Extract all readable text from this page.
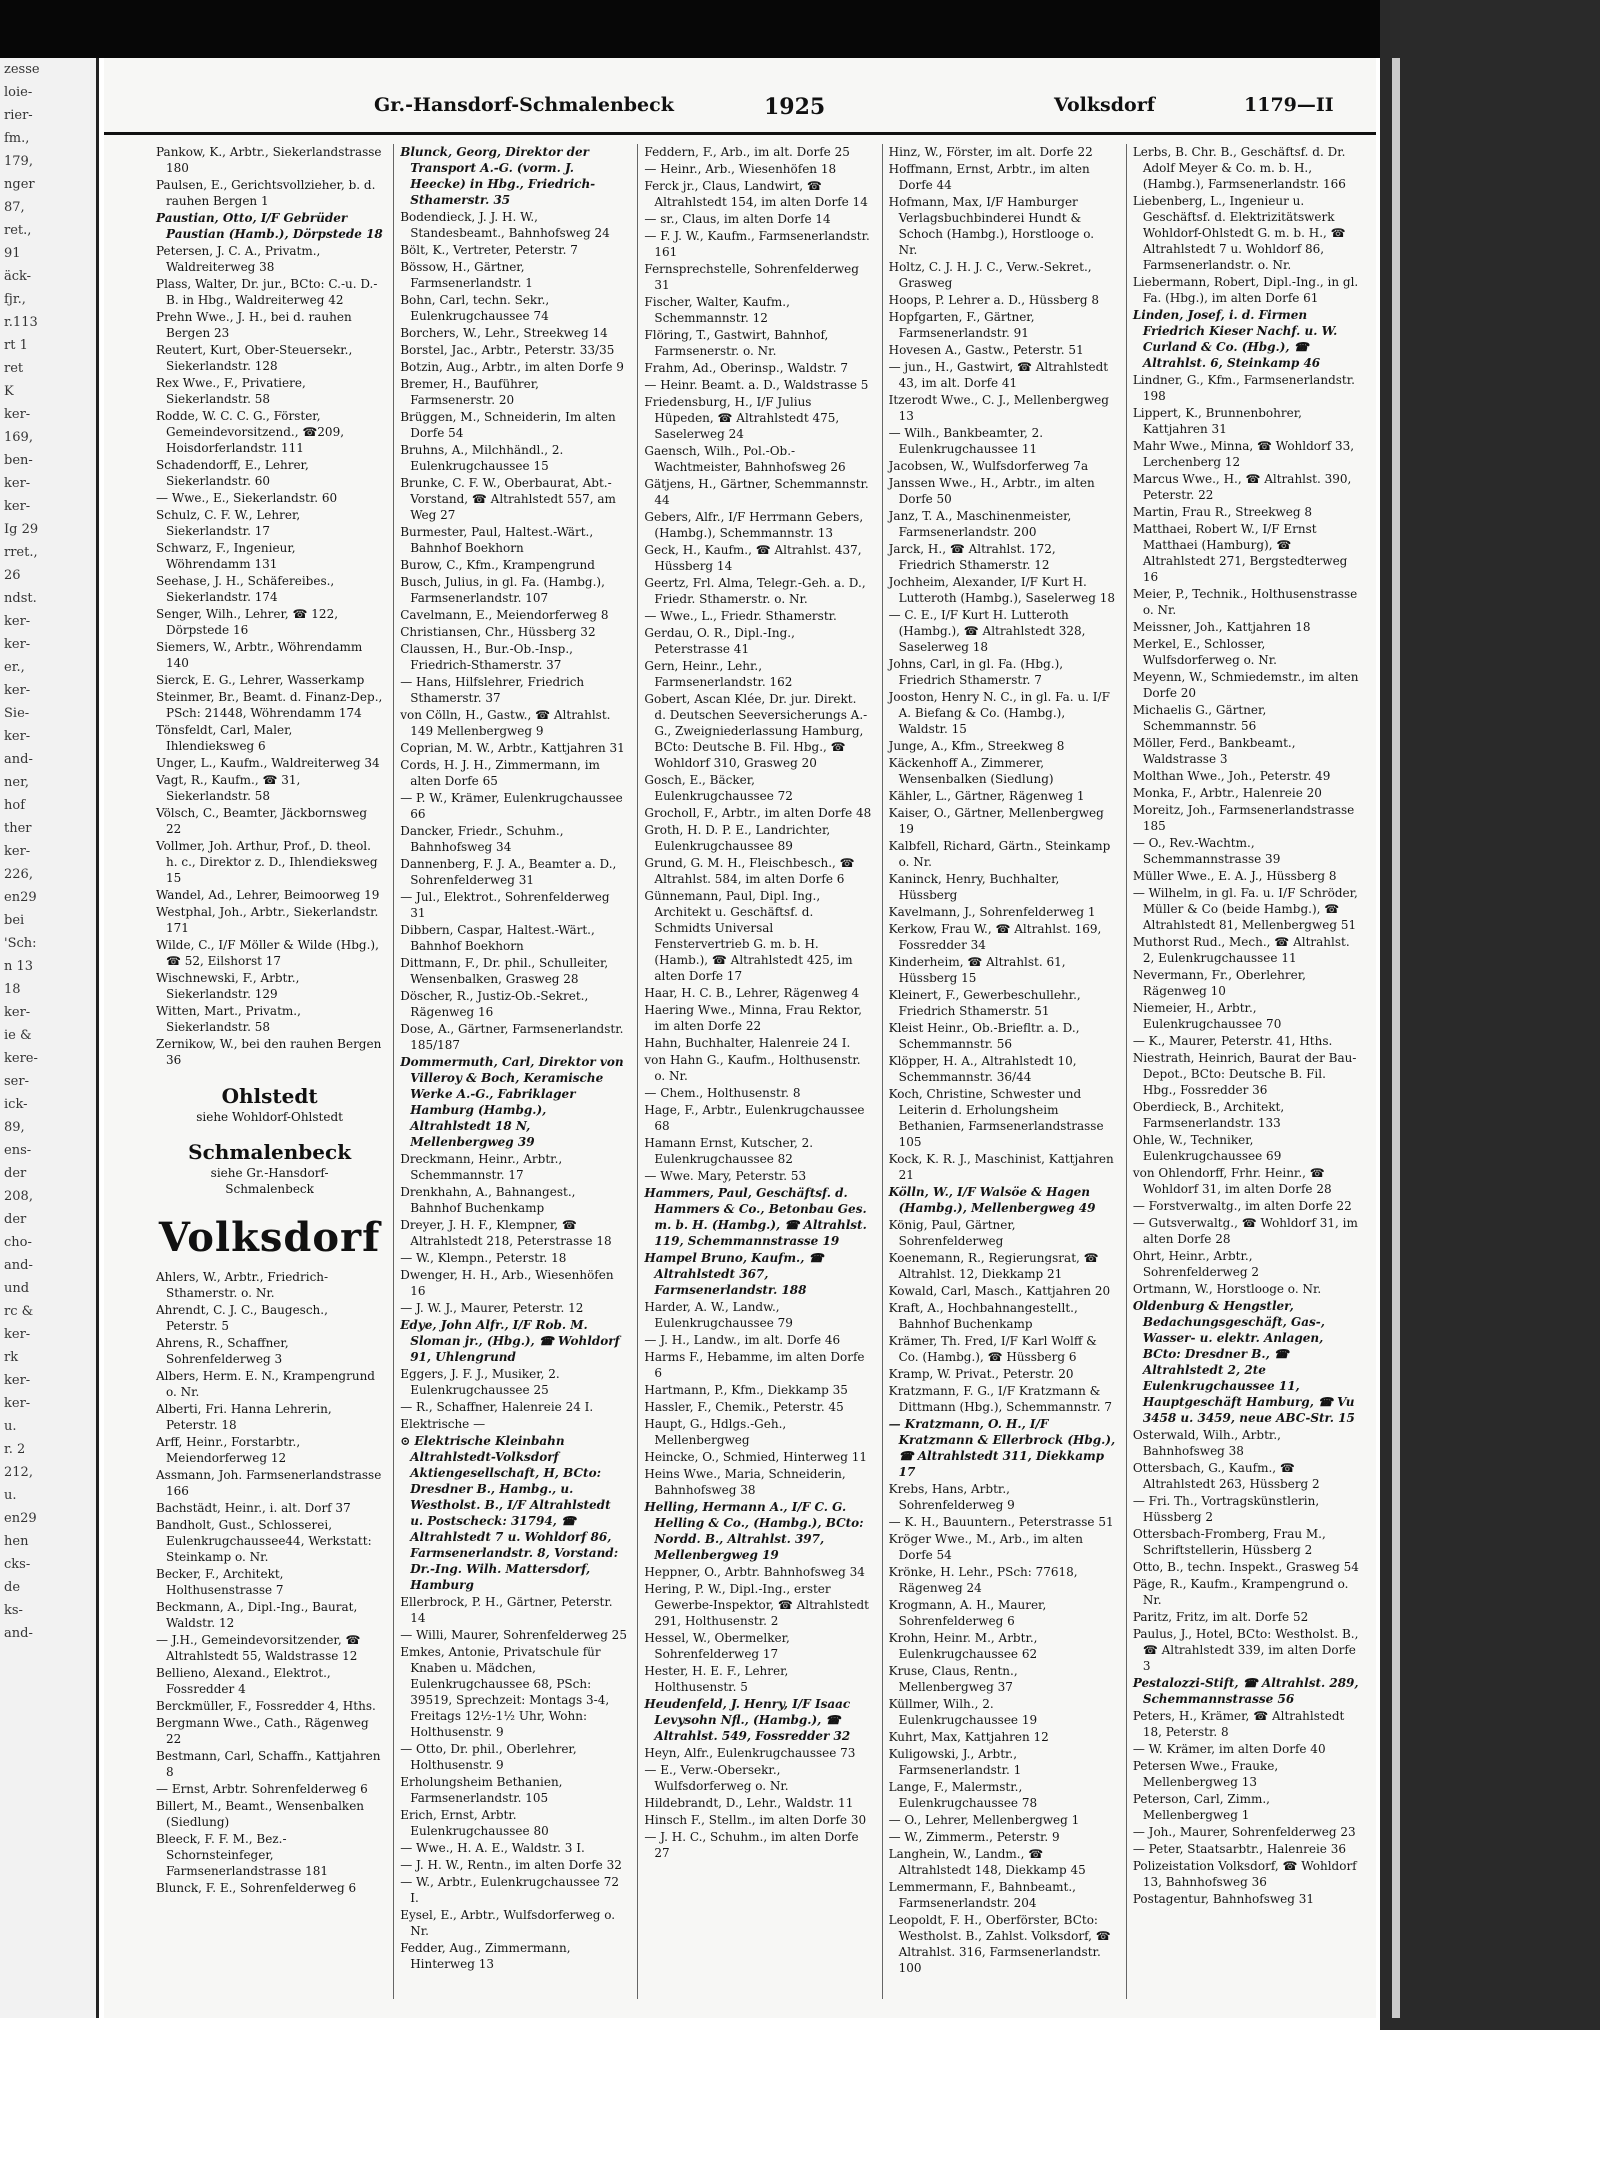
zesse
loie-
rier-
fm.,
179,
nger
87,
ret.,
91
äck-
fjr.,
r.113
rt 1
ret
K
ker-
169,
ben-
ker-
ker-
Ig 29
rret.,
26
ndst.
ker-
ker-
er.,
ker-
Sie-
ker-
and-
ner,
hof
ther
ker-
226,
en29
bei
'Sch:
n 13
18
ker-
ie &
kere-
ser-
ick-
89,
ens-
der
208,
der
cho-
and-
und
rc &
ker-
rk
ker-
ker-
u.
r. 2
212,
u.
en29
hen
cks-
de
ks-
and-
Gr.-Hansdorf-Schmalenbeck	1925	Volksdorf	1179—II
Pankow, K., Arbtr., Siekerlandstrasse 180
Paulsen, E., Gerichtsvollzieher, b. d. rauhen Bergen 1
Paustian, Otto, I/F Gebrüder Paustian (Hamb.), Dörpstede 18
Petersen, J. C. A., Privatm., Waldreiterweg 38
Plass, Walter, Dr. jur., BCto: C.-u. D.-B. in Hbg., Waldreiterweg 42
Prehn Wwe., J. H., bei d. rauhen Bergen 23
Reutert, Kurt, Ober-Steuersekr., Siekerlandstr. 128
Rex Wwe., F., Privatiere, Siekerlandstr. 58
Rodde, W. C. C. G., Förster, Gemeindevorsitzend., ☎209, Hoisdorferlandstr. 111
Schadendorff, E., Lehrer, Siekerlandstr. 60
— Wwe., E., Siekerlandstr. 60
Schulz, C. F. W., Lehrer, Siekerlandstr. 17
Schwarz, F., Ingenieur, Wöhrendamm 131
Seehase, J. H., Schäfereibes., Siekerlandstr. 174
Senger, Wilh., Lehrer, ☎ 122, Dörpstede 16
Siemers, W., Arbtr., Wöhrendamm 140
Sierck, E. G., Lehrer, Wasserkamp
Steinmer, Br., Beamt. d. Finanz-Dep., PSch: 21448, Wöhrendamm 174
Tönsfeldt, Carl, Maler, Ihlendieksweg 6
Unger, L., Kaufm., Waldreiterweg 34
Vagt, R., Kaufm., ☎ 31, Siekerlandstr. 58
Völsch, C., Beamter, Jäckbornsweg 22
Vollmer, Joh. Arthur, Prof., D. theol. h. c., Direktor z. D., Ihlendieksweg 15
Wandel, Ad., Lehrer, Beimoorweg 19
Westphal, Joh., Arbtr., Siekerlandstr. 171
Wilde, C., I/F Möller & Wilde (Hbg.), ☎ 52, Eilshorst 17
Wischnewski, F., Arbtr., Siekerlandstr. 129
Witten, Mart., Privatm., Siekerlandstr. 58
Zernikow, W., bei den rauhen Bergen 36
Ohlstedt
siehe Wohldorf-Ohlstedt
Schmalenbeck
siehe Gr.-Hansdorf-
Schmalenbeck
Volksdorf
Ahlers, W., Arbtr., Friedrich-Sthamerstr. o. Nr.
Ahrendt, C. J. C., Baugesch., Peterstr. 5
Ahrens, R., Schaffner, Sohrenfelderweg 3
Albers, Herm. E. N., Krampengrund o. Nr.
Alberti, Fri. Hanna Lehrerin, Peterstr. 18
Arff, Heinr., Forstarbtr., Meiendorferweg 12
Assmann, Joh. Farmsenerlandstrasse 166
Bachstädt, Heinr., i. alt. Dorf 37
Bandholt, Gust., Schlosserei, Eulenkrugchaussee44, Werkstatt: Steinkamp o. Nr.
Becker, F., Architekt, Holthusenstrasse 7
Beckmann, A., Dipl.-Ing., Baurat, Waldstr. 12
— J.H., Gemeindevorsitzender, ☎ Altrahlstedt 55, Waldstrasse 12
Bellieno, Alexand., Elektrot., Fossredder 4
Berckmüller, F., Fossredder 4, Hths.
Bergmann Wwe., Cath., Rägenweg 22
Bestmann, Carl, Schaffn., Kattjahren 8
— Ernst, Arbtr. Sohrenfelderweg 6
Billert, M., Beamt., Wensenbalken (Siedlung)
Bleeck, F. F. M., Bez.-Schornsteinfeger, Farmsenerlandstrasse 181
Blunck, F. E., Sohrenfelderweg 6
Blunck, Georg, Direktor der Transport A.-G. (vorm. J. Heecke) in Hbg., Friedrich-Sthamerstr. 35
Bodendieck, J. J. H. W., Standesbeamt., Bahnhofsweg 24
Bölt, K., Vertreter, Peterstr. 7
Bössow, H., Gärtner, Farmsenerlandstr. 1
Bohn, Carl, techn. Sekr., Eulenkrugchaussee 74
Borchers, W., Lehr., Streekweg 14
Borstel, Jac., Arbtr., Peterstr. 33/35
Botzin, Aug., Arbtr., im alten Dorfe 9
Bremer, H., Bauführer, Farmsenerstr. 20
Brüggen, M., Schneiderin, Im alten Dorfe 54
Bruhns, A., Milchhändl., 2. Eulenkrugchaussee 15
Brunke, C. F. W., Oberbaurat, Abt.-Vorstand, ☎ Altrahlstedt 557, am Weg 27
Burmester, Paul, Haltest.-Wärt., Bahnhof Boekhorn
Burow, C., Kfm., Krampengrund
Busch, Julius, in gl. Fa. (Hambg.), Farmsenerlandstr. 107
Cavelmann, E., Meiendorferweg 8
Christiansen, Chr., Hüssberg 32
Claussen, H., Bur.-Ob.-Insp., Friedrich-Sthamerstr. 37
— Hans, Hilfslehrer, Friedrich Sthamerstr. 37
von Cölln, H., Gastw., ☎ Altrahlst. 149 Mellenbergweg 9
Coprian, M. W., Arbtr., Kattjahren 31
Cords, H. J. H., Zimmermann, im alten Dorfe 65
— P. W., Krämer, Eulenkrugchaussee 66
Dancker, Friedr., Schuhm., Bahnhofsweg 34
Dannenberg, F. J. A., Beamter a. D., Sohrenfelderweg 31
— Jul., Elektrot., Sohrenfelderweg 31
Dibbern, Caspar, Haltest.-Wärt., Bahnhof Boekhorn
Dittmann, F., Dr. phil., Schulleiter, Wensenbalken, Grasweg 28
Döscher, R., Justiz-Ob.-Sekret., Rägenweg 16
Dose, A., Gärtner, Farmsenerlandstr. 185/187
Dommermuth, Carl, Direktor von Villeroy & Boch, Keramische Werke A.-G., Fabriklager Hamburg (Hambg.), Altrahlstedt 18 N, Mellenbergweg 39
Dreckmann, Heinr., Arbtr., Schemmannstr. 17
Drenkhahn, A., Bahnangest., Bahnhof Buchenkamp
Dreyer, J. H. F., Klempner, ☎ Altrahlstedt 218, Peterstrasse 18
— W., Klempn., Peterstr. 18
Dwenger, H. H., Arb., Wiesenhöfen 16
— J. W. J., Maurer, Peterstr. 12
Edye, John Alfr., I/F Rob. M. Sloman jr., (Hbg.), ☎ Wohldorf 91, Uhlengrund
Eggers, J. F. J., Musiker, 2. Eulenkrugchaussee 25
— R., Schaffner, Halenreie 24 I.
Elektrische —
⊙ Elektrische Kleinbahn Altrahlstedt-Volksdorf Aktiengesellschaft, H, BCto: Dresdner B., Hambg., u. Westholst. B., I/F Altrahlstedt u. Postscheck: 31794, ☎ Altrahlstedt 7 u. Wohldorf 86, Farmsenerlandstr. 8, Vorstand: Dr.-Ing. Wilh. Mattersdorf, Hamburg
Ellerbrock, P. H., Gärtner, Peterstr. 14
— Willi, Maurer, Sohrenfelderweg 25
Emkes, Antonie, Privatschule für Knaben u. Mädchen, Eulenkrugchaussee 68, PSch: 39519, Sprechzeit: Montags 3-4, Freitags 12½-1½ Uhr, Wohn: Holthusenstr. 9
— Otto, Dr. phil., Oberlehrer, Holthusenstr. 9
Erholungsheim Bethanien, Farmsenerlandstr. 105
Erich, Ernst, Arbtr. Eulenkrugchaussee 80
— Wwe., H. A. E., Waldstr. 3 I.
— J. H. W., Rentn., im alten Dorfe 32
— W., Arbtr., Eulenkrugchaussee 72 I.
Eysel, E., Arbtr., Wulfsdorferweg o. Nr.
Fedder, Aug., Zimmermann, Hinterweg 13
Feddern, F., Arb., im alt. Dorfe 25
— Heinr., Arb., Wiesenhöfen 18
Ferck jr., Claus, Landwirt, ☎ Altrahlstedt 154, im alten Dorfe 14
— sr., Claus, im alten Dorfe 14
— F. J. W., Kaufm., Farmsenerlandstr. 161
Fernsprechstelle, Sohrenfelderweg 31
Fischer, Walter, Kaufm., Schemmannstr. 12
Flöring, T., Gastwirt, Bahnhof, Farmsenerstr. o. Nr.
Frahm, Ad., Oberinsp., Waldstr. 7
— Heinr. Beamt. a. D., Waldstrasse 5
Friedensburg, H., I/F Julius Hüpeden, ☎ Altrahlstedt 475, Saselerweg 24
Gaensch, Wilh., Pol.-Ob.-Wachtmeister, Bahnhofsweg 26
Gätjens, H., Gärtner, Schemmannstr. 44
Gebers, Alfr., I/F Herrmann Gebers, (Hambg.), Schemmannstr. 13
Geck, H., Kaufm., ☎ Altrahlst. 437, Hüssberg 14
Geertz, Frl. Alma, Telegr.-Geh. a. D., Friedr. Sthamerstr. o. Nr.
— Wwe., L., Friedr. Sthamerstr.
Gerdau, O. R., Dipl.-Ing., Peterstrasse 41
Gern, Heinr., Lehr., Farmsenerlandstr. 162
Gobert, Ascan Klée, Dr. jur. Direkt. d. Deutschen Seeversicherungs A.-G., Zweigniederlassung Hamburg, BCto: Deutsche B. Fil. Hbg., ☎ Wohldorf 310, Grasweg 20
Gosch, E., Bäcker, Eulenkrugchaussee 72
Grocholl, F., Arbtr., im alten Dorfe 48
Groth, H. D. P. E., Landrichter, Eulenkrugchaussee 89
Grund, G. M. H., Fleischbesch., ☎ Altrahlst. 584, im alten Dorfe 6
Günnemann, Paul, Dipl. Ing., Architekt u. Geschäftsf. d. Schmidts Universal Fenstervertrieb G. m. b. H. (Hamb.), ☎ Altrahlstedt 425, im alten Dorfe 17
Haar, H. C. B., Lehrer, Rägenweg 4
Haering Wwe., Minna, Frau Rektor, im alten Dorfe 22
Hahn, Buchhalter, Halenreie 24 I.
von Hahn G., Kaufm., Holthusenstr. o. Nr.
— Chem., Holthusenstr. 8
Hage, F., Arbtr., Eulenkrugchaussee 68
Hamann Ernst, Kutscher, 2. Eulenkrugchaussee 82
— Wwe. Mary, Peterstr. 53
Hammers, Paul, Geschäftsf. d. Hammers & Co., Betonbau Ges. m. b. H. (Hambg.), ☎ Altrahlst. 119, Schemmannstrasse 19
Hampel Bruno, Kaufm., ☎ Altrahlstedt 367, Farmsenerlandstr. 188
Harder, A. W., Landw., Eulenkrugchaussee 79
— J. H., Landw., im alt. Dorfe 46
Harms F., Hebamme, im alten Dorfe 6
Hartmann, P., Kfm., Diekkamp 35
Hassler, F., Chemik., Peterstr. 45
Haupt, G., Hdlgs.-Geh., Mellenbergweg
Heincke, O., Schmied, Hinterweg 11
Heins Wwe., Maria, Schneiderin, Bahnhofsweg 38
Helling, Hermann A., I/F C. G. Helling & Co., (Hambg.), BCto: Nordd. B., Altrahlst. 397, Mellenbergweg 19
Heppner, O., Arbtr. Bahnhofsweg 34
Hering, P. W., Dipl.-Ing., erster Gewerbe-Inspektor, ☎ Altrahlstedt 291, Holthusenstr. 2
Hessel, W., Obermelker, Sohrenfelderweg 17
Hester, H. E. F., Lehrer, Holthusenstr. 5
Heudenfeld, J. Henry, I/F Isaac Levysohn Nfl., (Hambg.), ☎ Altrahlst. 549, Fossredder 32
Heyn, Alfr., Eulenkrugchaussee 73
— E., Verw.-Obersekr., Wulfsdorferweg o. Nr.
Hildebrandt, D., Lehr., Waldstr. 11
Hinsch F., Stellm., im alten Dorfe 30
— J. H. C., Schuhm., im alten Dorfe 27
Hinz, W., Förster, im alt. Dorfe 22
Hoffmann, Ernst, Arbtr., im alten Dorfe 44
Hofmann, Max, I/F Hamburger Verlagsbuchbinderei Hundt & Schoch (Hambg.), Horstlooge o. Nr.
Holtz, C. J. H. J. C., Verw.-Sekret., Grasweg
Hoops, P. Lehrer a. D., Hüssberg 8
Hopfgarten, F., Gärtner, Farmsenerlandstr. 91
Hovesen A., Gastw., Peterstr. 51
— jun., H., Gastwirt, ☎ Altrahlstedt 43, im alt. Dorfe 41
Itzerodt Wwe., C. J., Mellenbergweg 13
— Wilh., Bankbeamter, 2. Eulenkrugchaussee 11
Jacobsen, W., Wulfsdorferweg 7a
Janssen Wwe., H., Arbtr., im alten Dorfe 50
Janz, T. A., Maschinenmeister, Farmsenerlandstr. 200
Jarck, H., ☎ Altrahlst. 172, Friedrich Sthamerstr. 12
Jochheim, Alexander, I/F Kurt H. Lutteroth (Hambg.), Saselerweg 18
— C. E., I/F Kurt H. Lutteroth (Hambg.), ☎ Altrahlstedt 328, Saselerweg 18
Johns, Carl, in gl. Fa. (Hbg.), Friedrich Sthamerstr. 7
Jooston, Henry N. C., in gl. Fa. u. I/F A. Biefang & Co. (Hambg.), Waldstr. 15
Junge, A., Kfm., Streekweg 8
Käckenhoff A., Zimmerer, Wensenbalken (Siedlung)
Kähler, L., Gärtner, Rägenweg 1
Kaiser, O., Gärtner, Mellenbergweg 19
Kalbfell, Richard, Gärtn., Steinkamp o. Nr.
Kaninck, Henry, Buchhalter, Hüssberg
Kavelmann, J., Sohrenfelderweg 1
Kerkow, Frau W., ☎ Altrahlst. 169, Fossredder 34
Kinderheim, ☎ Altrahlst. 61, Hüssberg 15
Kleinert, F., Gewerbeschullehr., Friedrich Sthamerstr. 51
Kleist Heinr., Ob.-Briefltr. a. D., Schemmannstr. 56
Klöpper, H. A., Altrahlstedt 10, Schemmannstr. 36/44
Koch, Christine, Schwester und Leiterin d. Erholungsheim Bethanien, Farmsenerlandstrasse 105
Kock, K. R. J., Maschinist, Kattjahren 21
Kölln, W., I/F Walsöe & Hagen (Hambg.), Mellenbergweg 49
König, Paul, Gärtner, Sohrenfelderweg
Koenemann, R., Regierungsrat, ☎ Altrahlst. 12, Diekkamp 21
Kowald, Carl, Masch., Kattjahren 20
Kraft, A., Hochbahnangestellt., Bahnhof Buchenkamp
Krämer, Th. Fred, I/F Karl Wolff & Co. (Hambg.), ☎ Hüssberg 6
Kramp, W. Privat., Peterstr. 20
Kratzmann, F. G., I/F Kratzmann & Dittmann (Hbg.), Schemmannstr. 7
— Kratzmann, O. H., I/F Kratzmann & Ellerbrock (Hbg.), ☎ Altrahlstedt 311, Diekkamp 17
Krebs, Hans, Arbtr., Sohrenfelderweg 9
— K. H., Bauuntern., Peterstrasse 51
Kröger Wwe., M., Arb., im alten Dorfe 54
Krönke, H. Lehr., PSch: 77618, Rägenweg 24
Krogmann, A. H., Maurer, Sohrenfelderweg 6
Krohn, Heinr. M., Arbtr., Eulenkrugchaussee 62
Kruse, Claus, Rentn., Mellenbergweg 37
Küllmer, Wilh., 2. Eulenkrugchaussee 19
Kuhrt, Max, Kattjahren 12
Kuligowski, J., Arbtr., Farmsenerlandstr. 1
Lange, F., Malermstr., Eulenkrugchaussee 78
— O., Lehrer, Mellenbergweg 1
— W., Zimmerm., Peterstr. 9
Langhein, W., Landm., ☎ Altrahlstedt 148, Diekkamp 45
Lemmermann, F., Bahnbeamt., Farmsenerlandstr. 204
Leopoldt, F. H., Oberförster, BCto: Westholst. B., Zahlst. Volksdorf, ☎ Altrahlst. 316, Farmsenerlandstr. 100
Lerbs, B. Chr. B., Geschäftsf. d. Dr. Adolf Meyer & Co. m. b. H., (Hambg.), Farmsenerlandstr. 166
Liebenberg, L., Ingenieur u. Geschäftsf. d. Elektrizitätswerk Wohldorf-Ohlstedt G. m. b. H., ☎ Altrahlstedt 7 u. Wohldorf 86, Farmsenerlandstr. o. Nr.
Liebermann, Robert, Dipl.-Ing., in gl. Fa. (Hbg.), im alten Dorfe 61
Linden, Josef, i. d. Firmen Friedrich Kieser Nachf. u. W. Curland & Co. (Hbg.), ☎ Altrahlst. 6, Steinkamp 46
Lindner, G., Kfm., Farmsenerlandstr. 198
Lippert, K., Brunnenbohrer, Kattjahren 31
Mahr Wwe., Minna, ☎ Wohldorf 33, Lerchenberg 12
Marcus Wwe., H., ☎ Altrahlst. 390, Peterstr. 22
Martin, Frau R., Streekweg 8
Matthaei, Robert W., I/F Ernst Matthaei (Hamburg), ☎ Altrahlstedt 271, Bergstedterweg 16
Meier, P., Technik., Holthusenstrasse o. Nr.
Meissner, Joh., Kattjahren 18
Merkel, E., Schlosser, Wulfsdorferweg o. Nr.
Meyenn, W., Schmiedemstr., im alten Dorfe 20
Michaelis G., Gärtner, Schemmannstr. 56
Möller, Ferd., Bankbeamt., Waldstrasse 3
Molthan Wwe., Joh., Peterstr. 49
Monka, F., Arbtr., Halenreie 20
Moreitz, Joh., Farmsenerlandstrasse 185
— O., Rev.-Wachtm., Schemmannstrasse 39
Müller Wwe., E. A. J., Hüssberg 8
— Wilhelm, in gl. Fa. u. I/F Schröder, Müller & Co (beide Hambg.), ☎ Altrahlstedt 81, Mellenbergweg 51
Muthorst Rud., Mech., ☎ Altrahlst. 2, Eulenkrugchaussee 11
Nevermann, Fr., Oberlehrer, Rägenweg 10
Niemeier, H., Arbtr., Eulenkrugchaussee 70
— K., Maurer, Peterstr. 41, Hths.
Niestrath, Heinrich, Baurat der Bau-Depot., BCto: Deutsche B. Fil. Hbg., Fossredder 36
Oberdieck, B., Architekt, Farmsenerlandstr. 133
Ohle, W., Techniker, Eulenkrugchaussee 69
von Ohlendorff, Frhr. Heinr., ☎ Wohldorf 31, im alten Dorfe 28
— Forstverwaltg., im alten Dorfe 22
— Gutsverwaltg., ☎ Wohldorf 31, im alten Dorfe 28
Ohrt, Heinr., Arbtr., Sohrenfelderweg 2
Ortmann, W., Horstlooge o. Nr.
Oldenburg & Hengstler, Bedachungsgeschäft, Gas-, Wasser- u. elektr. Anlagen, BCto: Dresdner B., ☎ Altrahlstedt 2, 2te Eulenkrugchaussee 11, Hauptgeschäft Hamburg, ☎ Vu 3458 u. 3459, neue ABC-Str. 15
Osterwald, Wilh., Arbtr., Bahnhofsweg 38
Ottersbach, G., Kaufm., ☎ Altrahlstedt 263, Hüssberg 2
— Fri. Th., Vortragskünstlerin, Hüssberg 2
Ottersbach-Fromberg, Frau M., Schriftstellerin, Hüssberg 2
Otto, B., techn. Inspekt., Grasweg 54
Päge, R., Kaufm., Krampengrund o. Nr.
Paritz, Fritz, im alt. Dorfe 52
Paulus, J., Hotel, BCto: Westholst. B., ☎ Altrahlstedt 339, im alten Dorfe 3
Pestalozzi-Stift, ☎ Altrahlst. 289, Schemmannstrasse 56
Peters, H., Krämer, ☎ Altrahlstedt 18, Peterstr. 8
— W. Krämer, im alten Dorfe 40
Petersen Wwe., Frauke, Mellenbergweg 13
Peterson, Carl, Zimm., Mellenbergweg 1
— Joh., Maurer, Sohrenfelderweg 23
— Peter, Staatsarbtr., Halenreie 36
Polizeistation Volksdorf, ☎ Wohldorf 13, Bahnhofsweg 36
Postagentur, Bahnhofsweg 31
